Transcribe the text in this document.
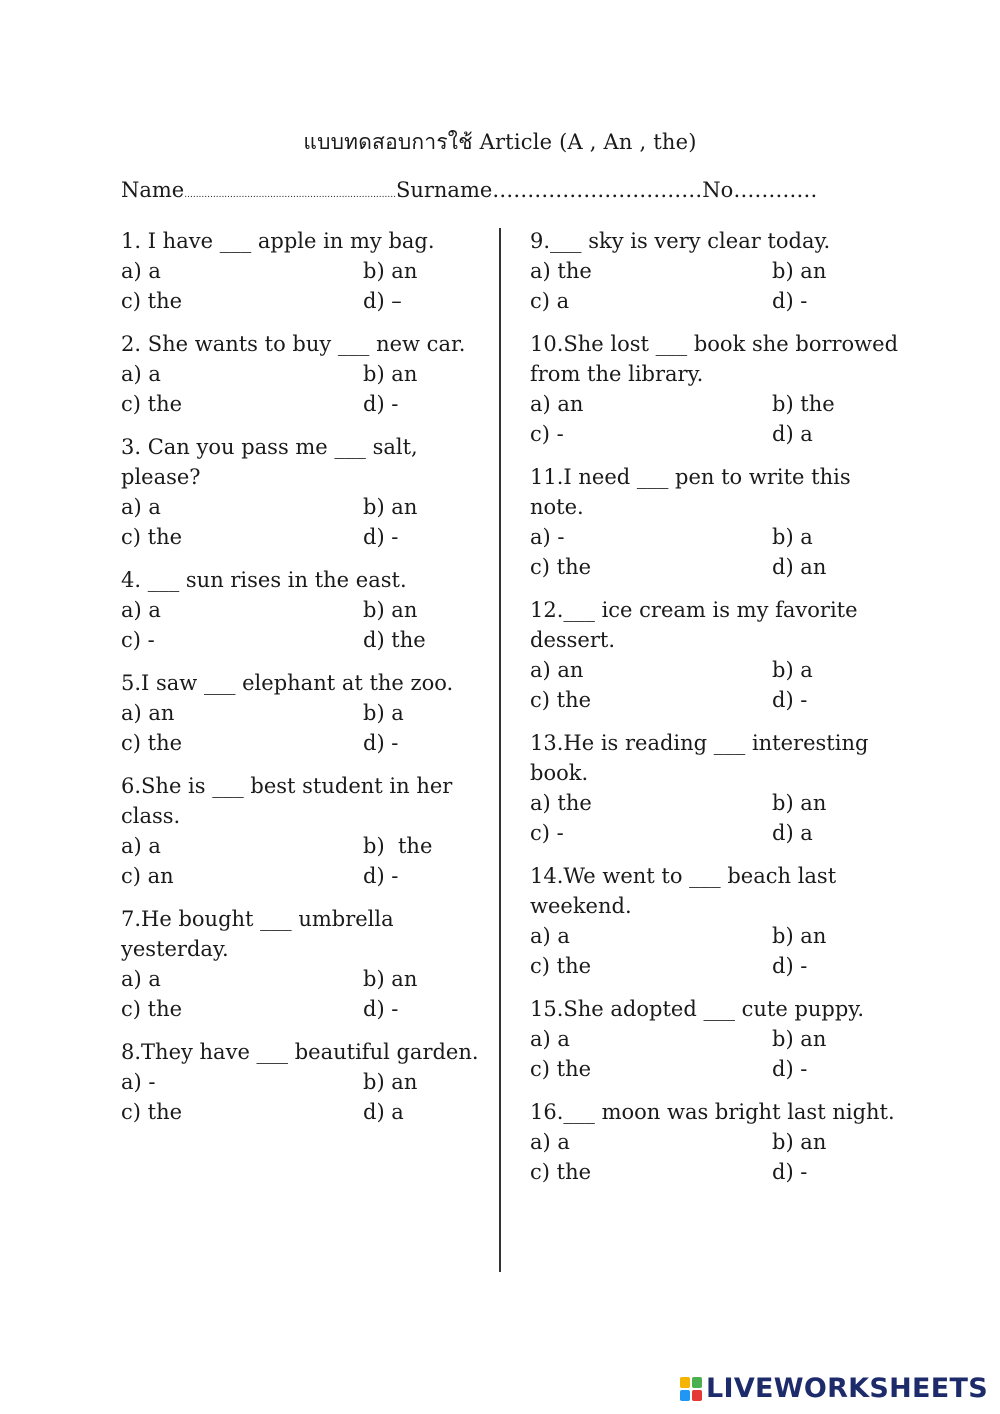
แบบทดสอบการใช้ Article (A , An , the)
Name .......................................................................... Surname ………………………… No …………
1. I have ___ apple in my bag.
a) a	b) an
c) the	d) –
2. She wants to buy ___ new car.
a) a	b) an
c) the	d) -
3. Can you pass me ___ salt, please?
a) a	b) an
c) the	d) -
4. ___ sun rises in the east.
a) a	b) an
c) -	d) the
5.I saw ___ elephant at the zoo.
a) an	b) a
c) the	d) -
6.She is ___ best student in her class.
a) a	b)  the
c) an	d) -
7.He bought ___ umbrella yesterday.
a) a	b) an
c) the	d) -
8.They have ___ beautiful garden.
a) -	b) an
c) the	d) a
9.___ sky is very clear today.
a) the	b) an
c) a	d) -
10.She lost ___ book she borrowed from the library.
a) an	b) the
c) -	d) a
11.I need ___ pen to write this note.
a) -	b) a
c) the	d) an
12.___ ice cream is my favorite dessert.
a) an	b) a
c) the	d) -
13.He is reading ___ interesting book.
a) the	b) an
c) -	d) a
14.We went to ___ beach last weekend.
a) a	b) an
c) the	d) -
15.She adopted ___ cute puppy.
a) a	b) an
c) the	d) -
16.___ moon was bright last night.
a) a	b) an
c) the	d) -
LIVEWORKSHEETS
